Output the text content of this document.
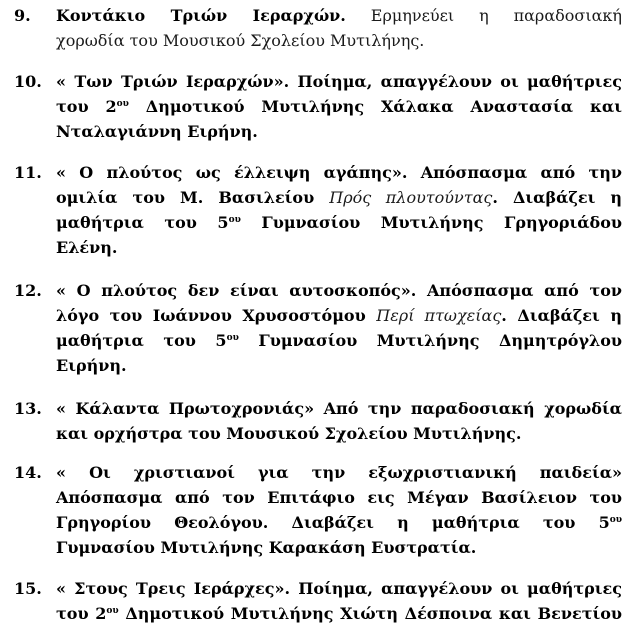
9.	Κοντάκιο Τριών Ιεραρχών. Ερμηνεύει η παραδοσιακή
χορωδία του Μουσικού Σχολείου Μυτιλήνης.
10. « Των Τριών Ιεραρχών». Ποίημα, απαγγέλουν οι μαθήτριες
του $2^{o\upsilon}$ Δημοτικού Μυτιλήνης Χάλακα Αναστασία και
Νταλαγιάννη Ειρήνη.
11. « Ο πλούτος ως έλλειψη αγάπης». Απόσπασμα από την
ομιλία του Μ. Βασιλείου Πρός πλουτούντας. Διαβάζει η
μαθήτρια του $5^{o\upsilon}$ Γυμνασίου Μυτιλήνης Γρηγοριάδου
Ελένη.
12. « Ο πλούτος δεν είναι αυτοσκοπός». Απόσπασμα από τον
λόγο του Ιωάννου Χρυσοστόμου Περί πτωχείας. Διαβάζει η
μαθήτρια του $5^{o\upsilon}$ Γυμνασίου Μυτιλήνης Δημητρόγλου
Ειρήνη.
13. « Κάλαντα Πρωτοχρονιάς» Από την παραδοσιακή χορωδία
και ορχήστρα του Μουσικού Σχολείου Μυτιλήνης.
14. « Οι χριστιανοί για την εξωχριστιανική παιδεία»
Απόσπασμα από τον Επιτάφιο εις Μέγαν Βασίλειον του
Γρηγορίου Θεολόγου. Διαβάζει η μαθήτρια του $5^{o\upsilon}$
Γυμνασίου Μυτιλήνης Καρακάση Ευστρατία.
15. « Στους Τρεις Ιεράρχες». Ποίημα, απαγγέλουν οι μαθήτριες
του $2^{o\upsilon}$ Δημοτικού Μυτιλήνης Χιώτη Δέσποινα και Βενετίου
